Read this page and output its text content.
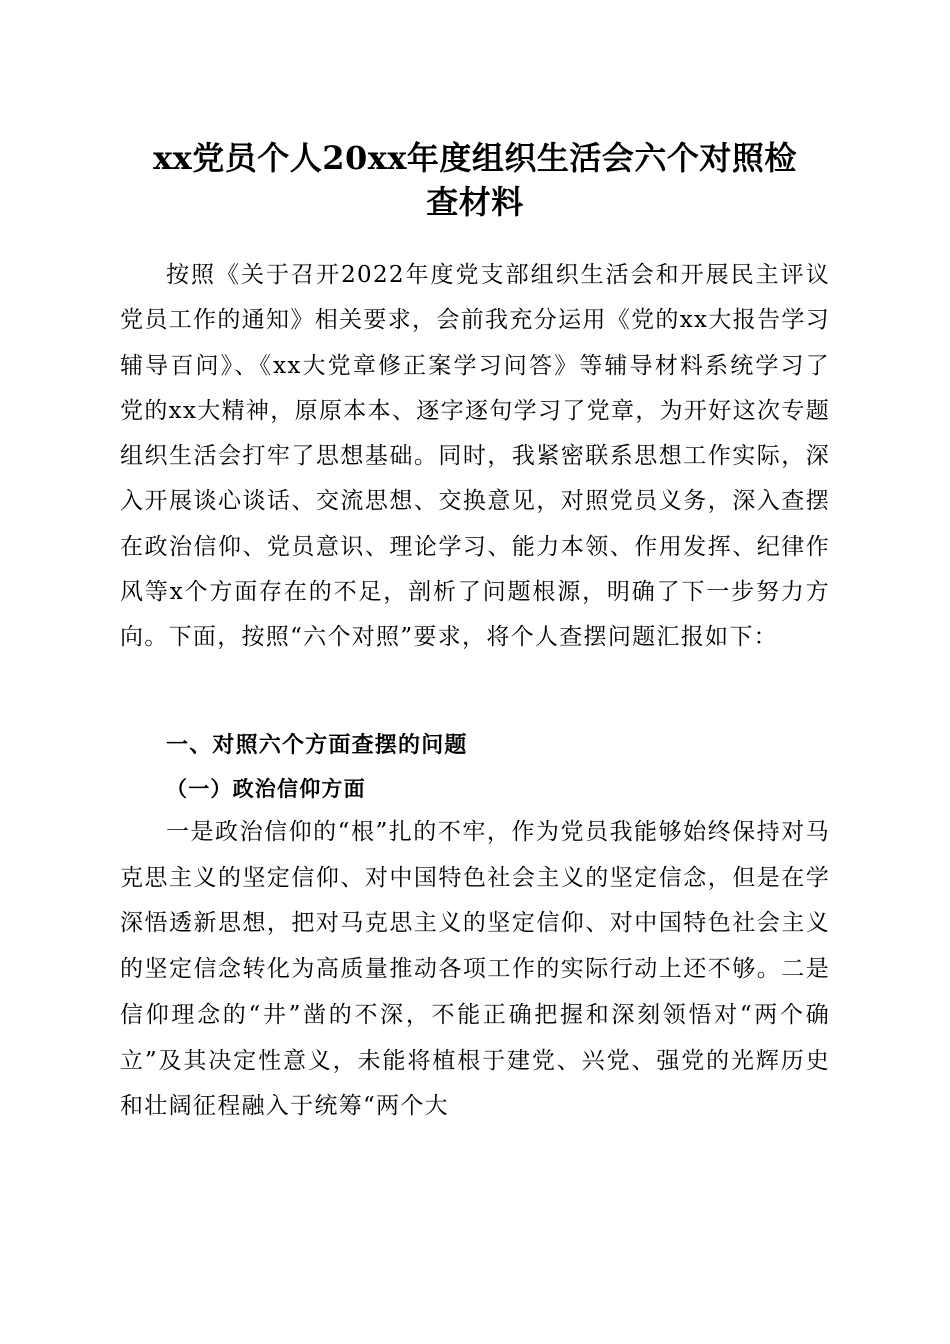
xx党员个人20xx年度组织生活会六个对照检
查材料

按照《关于召开2022年度党支部组织生活会和开展民主评议党员工作的通知》相关要求，会前我充分运用《党的xx大报告学习辅导百问》、《xx大党章修正案学习问答》等辅导材料系统学习了党的xx大精神，原原本本、逐字逐句学习了党章，为开好这次专题组织生活会打牢了思想基础。同时，我紧密联系思想工作实际，深入开展谈心谈话、交流思想、交换意见，对照党员义务，深入查摆在政治信仰、党员意识、理论学习、能力本领、作用发挥、纪律作风等x个方面存在的不足，剖析了问题根源，明确了下一步努力方向。下面，按照“六个对照”要求，将个人查摆问题汇报如下：

一、对照六个方面查摆的问题
（一）政治信仰方面

一是政治信仰的“根”扎的不牢，作为党员我能够始终保持对马克思主义的坚定信仰、对中国特色社会主义的坚定信念，但是在学深悟透新思想，把对马克思主义的坚定信仰、对中国特色社会主义的坚定信念转化为高质量推动各项工作的实际行动上还不够。二是信仰理念的“井”凿的不深，不能正确把握和深刻领悟对“两个确立”及其决定性意义，未能将植根于建党、兴党、强党的光辉历史和壮阔征程融入于统筹“两个大
